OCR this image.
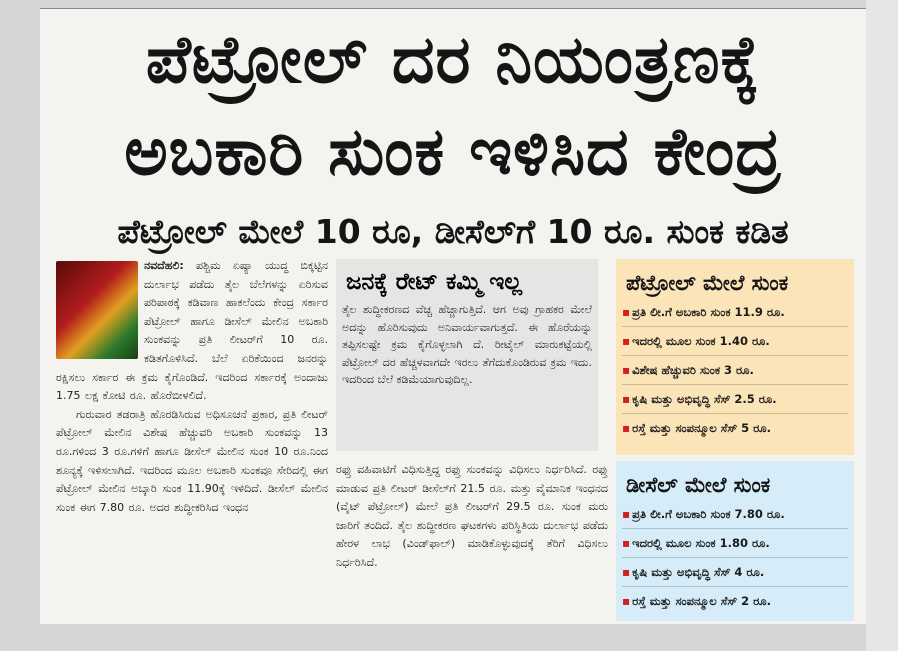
ಪೆಟ್ರೋಲ್ ದರ ನಿಯಂತ್ರಣಕ್ಕೆ
ಅಬಕಾರಿ ಸುಂಕ ಇಳಿಸಿದ ಕೇಂದ್ರ
ಪೆಟ್ರೋಲ್ ಮೇಲೆ 10 ರೂ, ಡೀಸೆಲ್‌ಗೆ 10 ರೂ. ಸುಂಕ ಕಡಿತ

ನವದೆಹಲಿ: ಪಶ್ಚಿಮ ಏಷ್ಯಾ ಯುದ್ಧ ಬಿಕ್ಕಟ್ಟಿನ ದುರ್ಲಾಭ ಪಡೆದು ತೈಲ ಬೆಲೆಗಳನ್ನು ಏರಿಸುವ ಪರಿಪಾಠಕ್ಕೆ ಕಡಿವಾಣ ಹಾಕಲೆಂದು ಕೇಂದ್ರ ಸರ್ಕಾರ ಪೆಟ್ರೋಲ್ ಹಾಗೂ ಡೀಸೆಲ್ ಮೇಲಿನ ಅಬಕಾರಿ ಸುಂಕವನ್ನು ಪ್ರತಿ ಲೀಟರ್‌ಗೆ 10 ರೂ. ಕಡಿತಗೊಳಿಸಿದೆ. ಬೆಲೆ ಏರಿಕೆಯಿಂದ ಜನರನ್ನು ರಕ್ಷಿಸಲು ಸರ್ಕಾರ ಈ ಕ್ರಮ ಕೈಗೊಂಡಿದೆ. ಇದರಿಂದ ಸರ್ಕಾರಕ್ಕೆ ಅಂದಾಜು 1.75 ಲಕ್ಷ ಕೋಟಿ ರೂ. ಹೊರೆಬೀಳಲಿದೆ.

ಗುರುವಾರ ತಡರಾತ್ರಿ ಹೊರಡಿಸಿರುವ ಅಧಿಸೂಚನೆ ಪ್ರಕಾರ, ಪ್ರತಿ ಲೀಟರ್ ಪೆಟ್ರೋಲ್ ಮೇಲಿನ ವಿಶೇಷ ಹೆಚ್ಚುವರಿ ಅಬಕಾರಿ ಸುಂಕವನ್ನು 13 ರೂ.ಗಳಿಂದ 3 ರೂ.ಗಳಿಗೆ ಹಾಗೂ ಡೀಸೆಲ್ ಮೇಲಿನ ಸುಂಕ 10 ರೂ.ನಿಂದ ಶೂನ್ಯಕ್ಕೆ ಇಳಿಸಲಾಗಿದೆ. ಇದರಿಂದ ಮೂಲ ಅಬಕಾರಿ ಸುಂಕವೂ ಸೇರಿದಲ್ಲಿ ಈಗ ಪೆಟ್ರೋಲ್ ಮೇಲಿನ ಅಬ್ಕಾರಿ ಸುಂಕ 11.90ಕ್ಕೆ ಇಳಿದಿದೆ. ಡೀಸೆಲ್ ಮೇಲಿನ ಸುಂಕ ಈಗ 7.80 ರೂ. ಅದರ ಶುದ್ಧೀಕರಿಸಿದ ಇಂಧನ

ಜನಕ್ಕೆ ರೇಟ್ ಕಮ್ಮಿ ಇಲ್ಲ
ತೈಲ ಶುದ್ಧೀಕರಣದ ವೆಚ್ಚ ಹೆಚ್ಚಾಗುತ್ತಿದೆ. ಆಗ ಅವು ಗ್ರಾಹಕರ ಮೇಲೆ ಅದನ್ನು ಹೊರಿಸುವುದು ಅನಿವಾರ್ಯವಾಗುತ್ತದೆ. ಈ ಹೊರೆಯನ್ನು ತಪ್ಪಿಸಲಷ್ಟೇ ಕ್ರಮ ಕೈಗೊಳ್ಳಲಾಗಿ ದೆ. ರೀಟೈಲ್ ಮಾರುಕಟ್ಟೆಯಲ್ಲಿ ಪೆಟ್ರೋಲ್ ದರ ಹೆಚ್ಚಳವಾಗದೇ ಇರಲು ತೆಗೆದುಕೊಂಡಿರುವ ಕ್ರಮ ಇದು. ಇದರಿಂದ ಬೆಲೆ ಕಡಿಮೆಯಾಗುವುದಿಲ್ಲ.

ರಫ್ತು ವಹಿವಾಟಿಗೆ ವಿಧಿಸುತ್ತಿದ್ದ ರಫ್ತು ಸುಂಕವನ್ನು ವಿಧಿಸಲು ನಿರ್ಧರಿಸಿದೆ. ರಫ್ತು ಮಾಡುವ ಪ್ರತಿ ಲೀಟರ್ ಡೀಸೆಲ್‌ಗೆ 21.5 ರೂ. ಮತ್ತು ವೈಮಾನಿಕ ಇಂಧನದ (ವೈಟ್ ಪೆಟ್ರೋಲ್) ಮೇಲೆ ಪ್ರತಿ ಲೀಟರ್‌ಗೆ 29.5 ರೂ. ಸುಂಕ ಮರು ಜಾರಿಗೆ ತಂದಿದೆ. ತೈಲ ಶುದ್ಧೀಕರಣ ಘಟಕಗಳು ಪರಿಸ್ಥಿತಿಯ ದುರ್ಲಾಭ ಪಡೆದು ಹೇರಳ ಲಾಭ (ವಿಂಡ್‌ಫಾಲ್) ಮಾಡಿಕೊಳ್ಳುವುದಕ್ಕೆ ತೆರಿಗೆ ವಿಧಿಸಲು ನಿರ್ಧರಿಸಿದೆ.

ಪೆಟ್ರೋಲ್ ಮೇಲೆ ಸುಂಕ
▪ ಪ್ರತಿ ಲೀ.ಗೆ ಅಬಕಾರಿ ಸುಂಕ 11.9 ರೂ.
▪ ಇದರಲ್ಲಿ ಮೂಲ ಸುಂಕ 1.40 ರೂ.
▪ ವಿಶೇಷ ಹೆಚ್ಚುವರಿ ಸುಂಕ 3 ರೂ.
▪ ಕೃಷಿ ಮತ್ತು ಅಭಿವೃದ್ಧಿ ಸೆಸ್ 2.5 ರೂ.
▪ ರಸ್ತೆ ಮತ್ತು ಸಂಪನ್ಮೂಲ ಸೆಸ್ 5 ರೂ.
ಡೀಸೆಲ್ ಮೇಲೆ ಸುಂಕ
▪ ಪ್ರತಿ ಲೀ.ಗೆ ಅಬಕಾರಿ ಸುಂಕ 7.80 ರೂ.
▪ ಇದರಲ್ಲಿ ಮೂಲ ಸುಂಕ 1.80 ರೂ.
▪ ಕೃಷಿ ಮತ್ತು ಅಭಿವೃದ್ಧಿ ಸೆಸ್ 4 ರೂ.
▪ ರಸ್ತೆ ಮತ್ತು ಸಂಪನ್ಮೂಲ ಸೆಸ್ 2 ರೂ.
